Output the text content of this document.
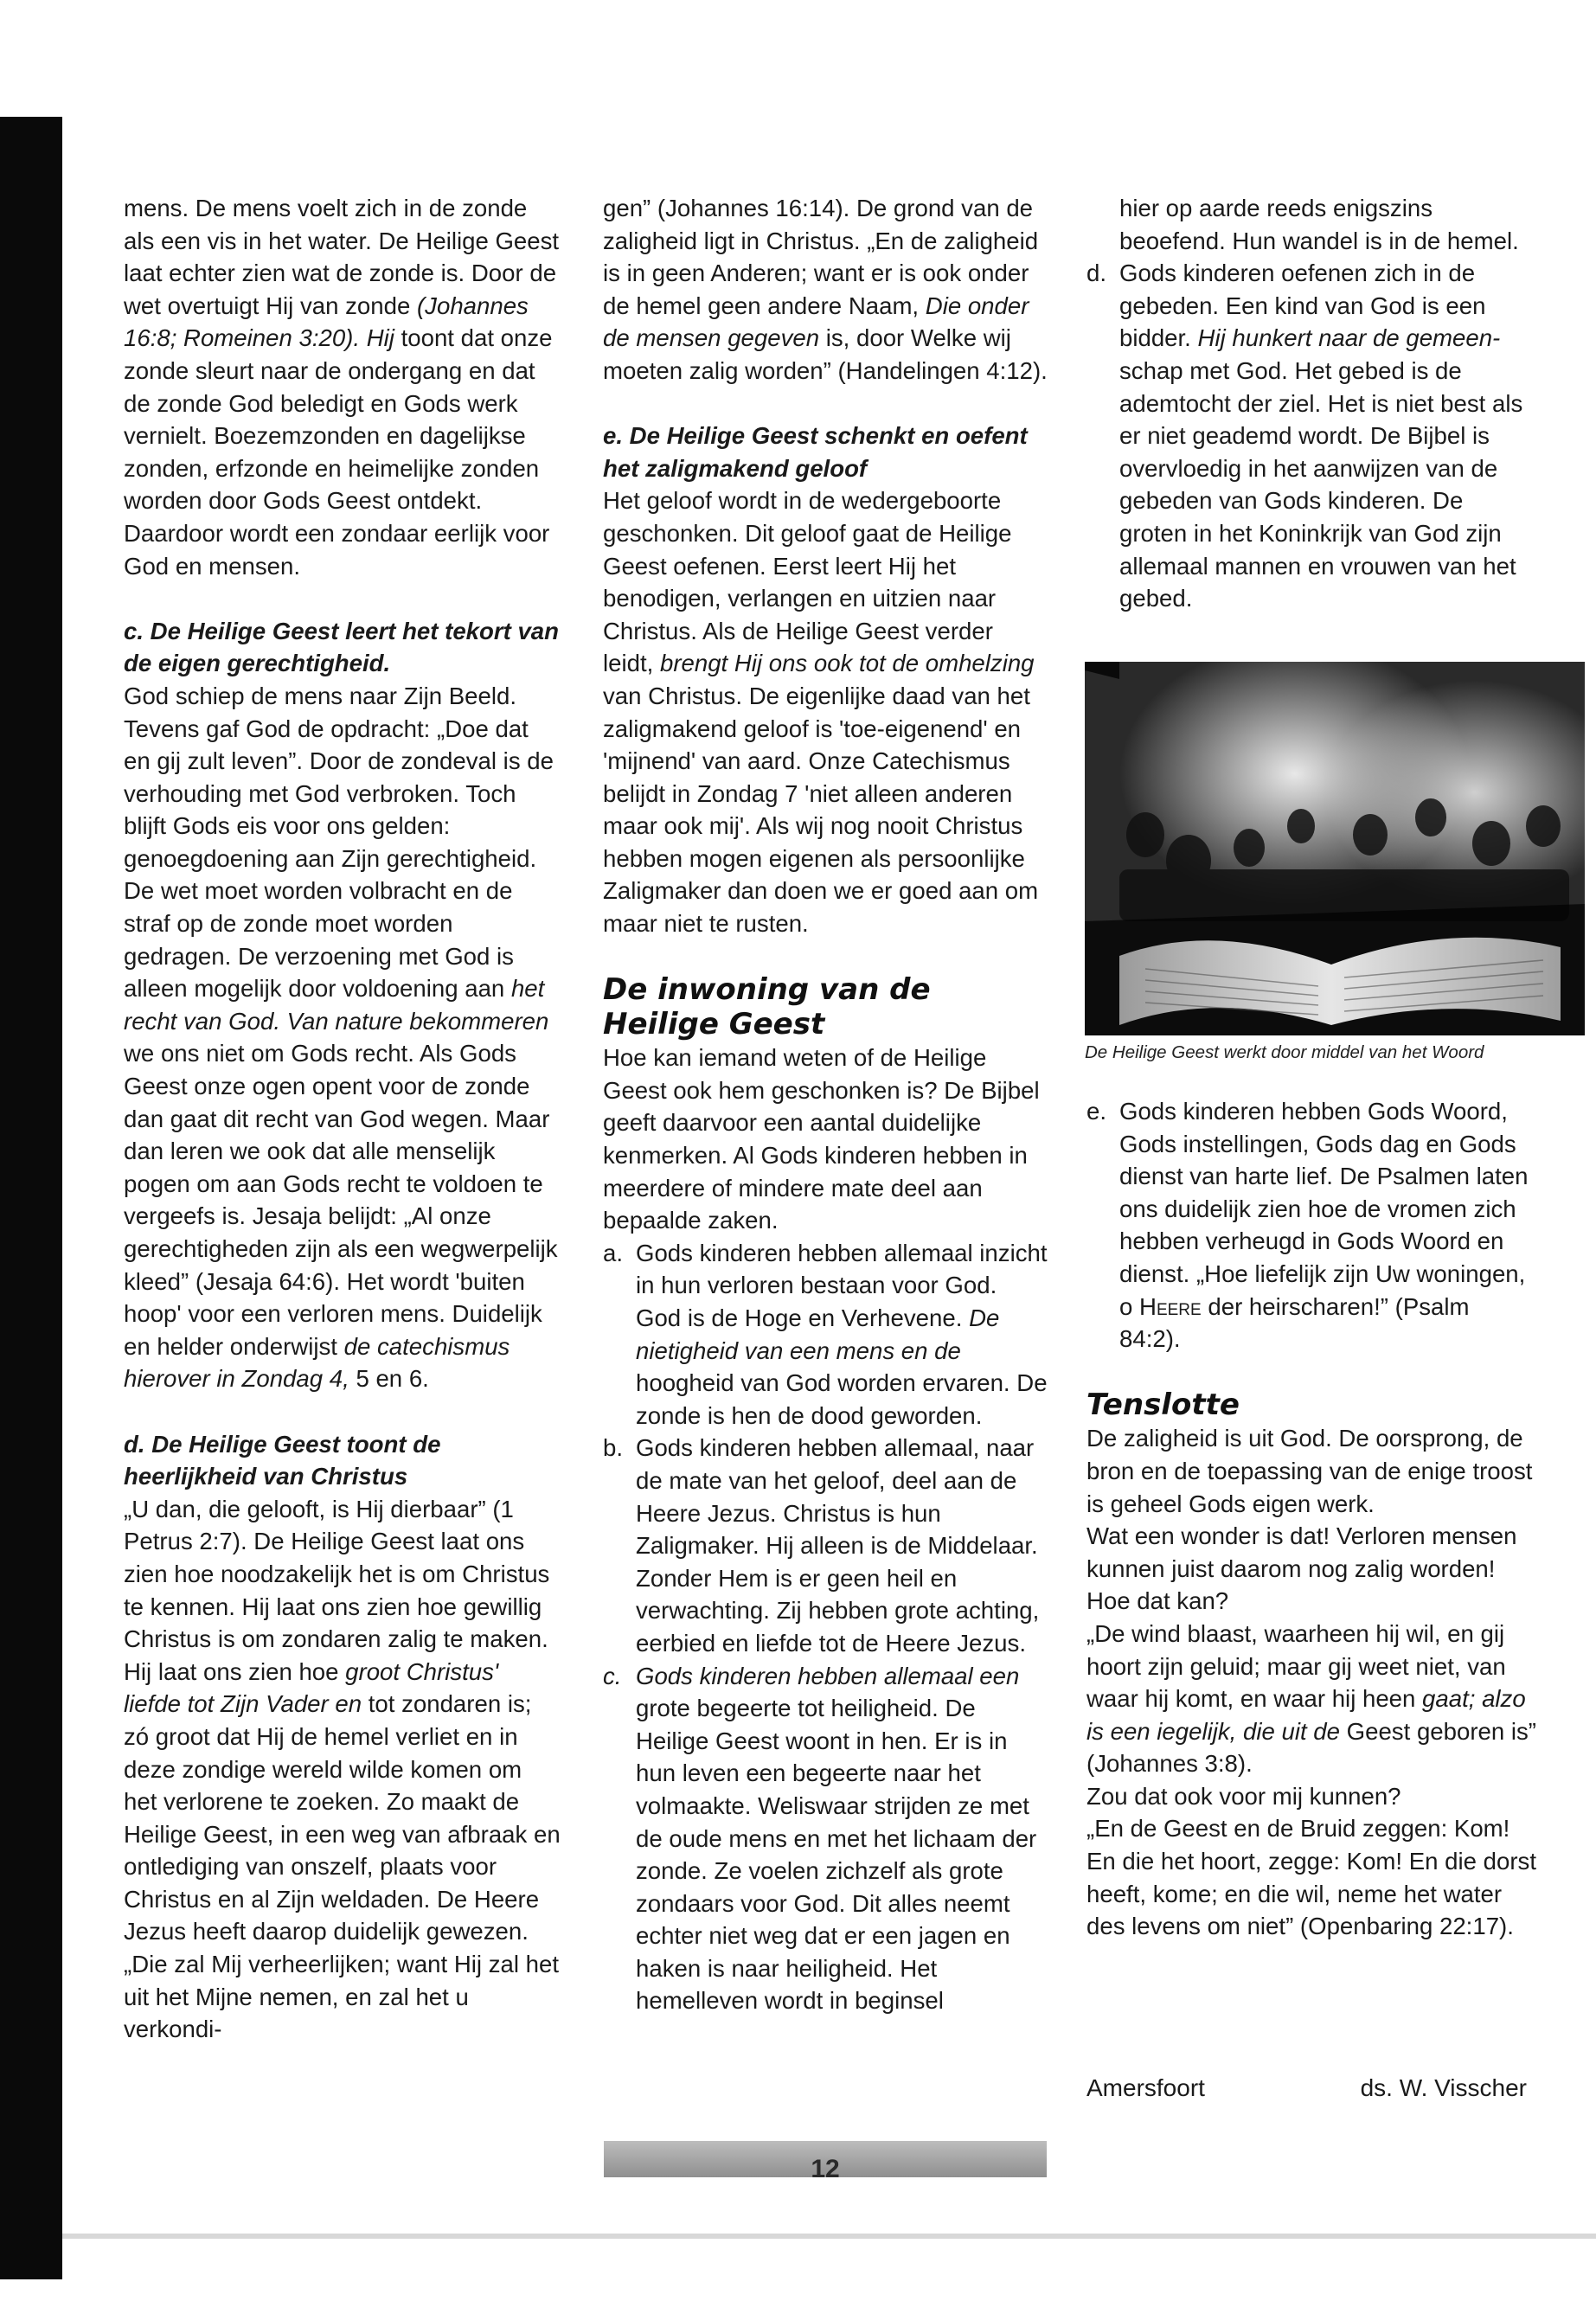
mens. De mens voelt zich in de zonde als een vis in het water. De Heilige Geest laat echter zien wat de zonde is. Door de wet overtuigt Hij van zonde (Johannes 16:8; Romeinen 3:20). Hij toont dat onze zonde sleurt naar de ondergang en dat de zonde God beledigt en Gods werk vernielt. Boezemzonden en dagelijkse zonden, erfzonde en heimelijke zonden worden door Gods Geest ontdekt. Daardoor wordt een zondaar eerlijk voor God en mensen.

c. De Heilige Geest leert het tekort van de eigen gerechtigheid.

God schiep de mens naar Zijn Beeld. Tevens gaf God de opdracht: „Doe dat en gij zult leven”. Door de zondeval is de verhouding met God verbroken. Toch blijft Gods eis voor ons gelden: genoegdoening aan Zijn gerechtigheid. De wet moet worden volbracht en de straf op de zonde moet worden gedragen. De verzoening met God is alleen mogelijk door voldoening aan het recht van God. Van nature bekommeren we ons niet om Gods recht. Als Gods Geest onze ogen opent voor de zonde dan gaat dit recht van God wegen. Maar dan leren we ook dat alle menselijk pogen om aan Gods recht te voldoen te vergeefs is. Jesaja belijdt: „Al onze gerechtigheden zijn als een wegwerpelijk kleed” (Jesaja 64:6). Het wordt 'buiten hoop' voor een verloren mens. Duidelijk en helder onderwijst de catechismus hierover in Zondag 4, 5 en 6.

d. De Heilige Geest toont de heerlijkheid van Christus

„U dan, die gelooft, is Hij dierbaar” (1 Petrus 2:7). De Heilige Geest laat ons zien hoe noodzakelijk het is om Christus te kennen. Hij laat ons zien hoe gewillig Christus is om zondaren zalig te maken. Hij laat ons zien hoe groot Christus' liefde tot Zijn Vader en tot zondaren is; zó groot dat Hij de hemel verliet en in deze zondige wereld wilde komen om het verlorene te zoeken. Zo maakt de Heilige Geest, in een weg van afbraak en ontlediging van onszelf, plaats voor Christus en al Zijn weldaden. De Heere Jezus heeft daarop duidelijk gewezen. „Die zal Mij verheerlijken; want Hij zal het uit het Mijne nemen, en zal het u verkondi-

gen” (Johannes 16:14). De grond van de zaligheid ligt in Christus. „En de zaligheid is in geen Anderen; want er is ook onder de hemel geen andere Naam, Die onder de mensen gegeven is, door Welke wij moeten zalig worden” (Handelingen 4:12).

e. De Heilige Geest schenkt en oefent het zaligmakend geloof

Het geloof wordt in de wedergeboorte geschonken. Dit geloof gaat de Heilige Geest oefenen. Eerst leert Hij het benodigen, verlangen en uitzien naar Christus. Als de Heilige Geest verder leidt, brengt Hij ons ook tot de omhelzing van Christus. De eigenlijke daad van het zaligmakend geloof is 'toe-eigenend' en 'mijnend' van aard. Onze Catechismus belijdt in Zondag 7 'niet alleen anderen maar ook mij'. Als wij nog nooit Christus hebben mogen eigenen als persoonlijke Zaligmaker dan doen we er goed aan om maar niet te rusten.

De inwoning van de Heilige Geest

Hoe kan iemand weten of de Heilige Geest ook hem geschonken is? De Bijbel geeft daarvoor een aantal duidelijke kenmerken. Al Gods kinderen hebben in meerdere of mindere mate deel aan bepaalde zaken.

a. Gods kinderen hebben allemaal inzicht in hun verloren bestaan voor God. God is de Hoge en Verhevene. De nietigheid van een mens en de hoogheid van God worden ervaren. De zonde is hen de dood geworden.
b. Gods kinderen hebben allemaal, naar de mate van het geloof, deel aan de Heere Jezus. Christus is hun Zaligmaker. Hij alleen is de Middelaar. Zonder Hem is er geen heil en verwachting. Zij hebben grote achting, eerbied en liefde tot de Heere Jezus.
c. Gods kinderen hebben allemaal een grote begeerte tot heiligheid. De Heilige Geest woont in hen. Er is in hun leven een begeerte naar het volmaakte. Weliswaar strijden ze met de oude mens en met het lichaam der zonde. Ze voelen zichzelf als grote zondaars voor God. Dit alles neemt echter niet weg dat er een jagen en haken is naar heiligheid. Het hemelleven wordt in beginsel
hier op aarde reeds enigszins beoefend. Hun wandel is in de hemel.
d. Gods kinderen oefenen zich in de gebeden. Een kind van God is een bidder. Hij hunkert naar de gemeen- schap met God. Het gebed is de ademtocht der ziel. Het is niet best als er niet geademd wordt. De Bijbel is overvloedig in het aanwijzen van de gebeden van Gods kinderen. De groten in het Koninkrijk van God zijn allemaal mannen en vrouwen van het gebed.
De Heilige Geest werkt door middel van het Woord
e. Gods kinderen hebben Gods Woord, Gods instellingen, Gods dag en Gods dienst van harte lief. De Psalmen laten ons duidelijk zien hoe de vromen zich hebben verheugd in Gods Woord en dienst. „Hoe liefelijk zijn Uw woningen, o Heere der heirscharen!” (Psalm 84:2).

Tenslotte

De zaligheid is uit God. De oorsprong, de bron en de toepassing van de enige troost is geheel Gods eigen werk.

Wat een wonder is dat! Verloren mensen kunnen juist daarom nog zalig worden!

Hoe dat kan?

„De wind blaast, waarheen hij wil, en gij hoort zijn geluid; maar gij weet niet, van waar hij komt, en waar hij heen gaat; alzo is een iegelijk, die uit de Geest geboren is” (Johannes 3:8).

Zou dat ook voor mij kunnen?

„En de Geest en de Bruid zeggen: Kom! En die het hoort, zegge: Kom! En die dorst heeft, kome; en die wil, neme het water des levens om niet” (Openbaring 22:17).

Amersfoort	ds. W. Visscher
12
